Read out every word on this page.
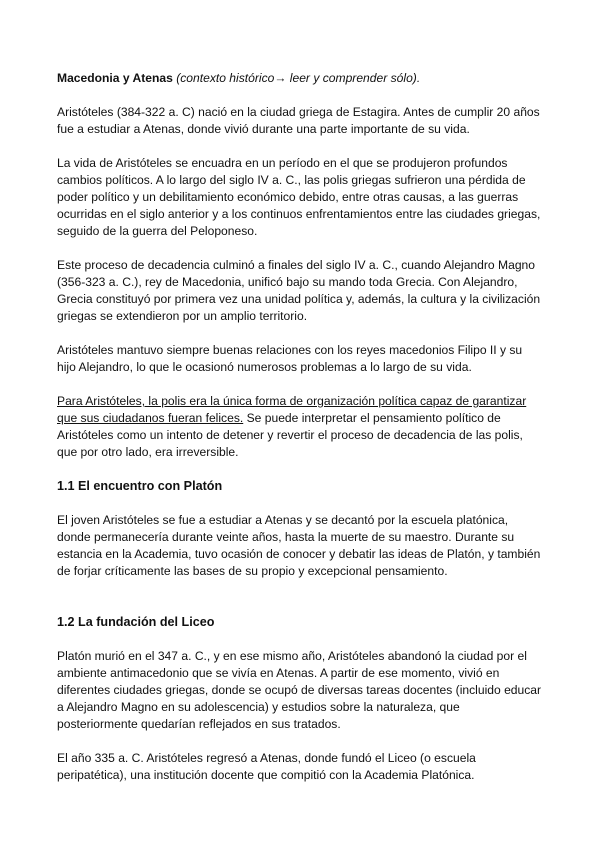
Macedonia y Atenas (contexto histórico→ leer y comprender sólo).

Aristóteles (384-322 a. C) nació en la ciudad griega de Estagira. Antes de cumplir 20 años fue a estudiar a Atenas, donde vivió durante una parte importante de su vida.

La vida de Aristóteles se encuadra en un período en el que se produjeron profundos cambios políticos. A lo largo del siglo IV a. C., las polis griegas sufrieron una pérdida de poder político y un debilitamiento económico debido, entre otras causas, a las guerras ocurridas en el siglo anterior y a los continuos enfrentamientos entre las ciudades griegas, seguido de la guerra del Peloponeso.

Este proceso de decadencia culminó a finales del siglo IV a. C., cuando Alejandro Magno (356-323 a. C.), rey de Macedonia, unificó bajo su mando toda Grecia. Con Alejandro, Grecia constituyó por primera vez una unidad política y, además, la cultura y la civilización griegas se extendieron por un amplio territorio.

Aristóteles mantuvo siempre buenas relaciones con los reyes macedonios Filipo II y su hijo Alejandro, lo que le ocasionó numerosos problemas a lo largo de su vida.

Para Aristóteles, la polis era la única forma de organización política capaz de garantizar que sus ciudadanos fueran felices. Se puede interpretar el pensamiento político de Aristóteles como un intento de detener y revertir el proceso de decadencia de las polis, que por otro lado, era irreversible.

1.1 El encuentro con Platón

El joven Aristóteles se fue a estudiar a Atenas y se decantó por la escuela platónica, donde permanecería durante veinte años, hasta la muerte de su maestro. Durante su estancia en la Academia, tuvo ocasión de conocer y debatir las ideas de Platón, y también de forjar críticamente las bases de su propio y excepcional pensamiento.

1.2 La fundación del Liceo

Platón murió en el 347 a. C., y en ese mismo año, Aristóteles abandonó la ciudad por el ambiente antimacedonio que se vivía en Atenas. A partir de ese momento, vivió en diferentes ciudades griegas, donde se ocupó de diversas tareas docentes (incluido educar a Alejandro Magno en su adolescencia) y estudios sobre la naturaleza, que posteriormente quedarían reflejados en sus tratados.

El año 335 a. C. Aristóteles regresó a Atenas, donde fundó el Liceo (o escuela peripatética), una institución docente que compitió con la Academia Platónica.
